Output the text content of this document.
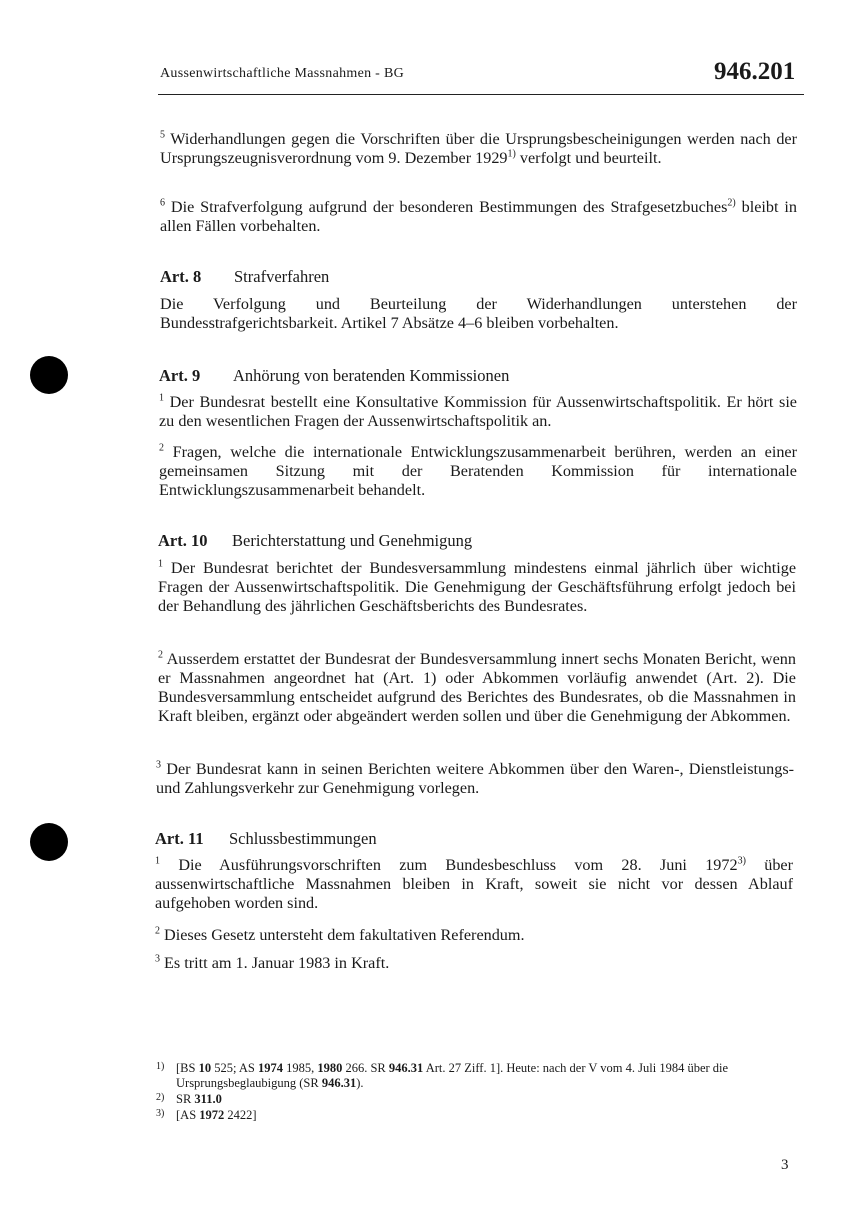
Aussenwirtschaftliche Massnahmen - BG	946.201
$^5$ Widerhandlungen gegen die Vorschriften über die Ursprungsbescheinigungen werden nach der Ursprungszeugnisverordnung vom 9. Dezember 1929$^{1)}$ verfolgt und beurteilt.
$^6$ Die Strafverfolgung aufgrund der besonderen Bestimmungen des Strafgesetzbuches$^{2)}$ bleibt in allen Fällen vorbehalten.
Art. 8 Strafverfahren
Die Verfolgung und Beurteilung der Widerhandlungen unterstehen der Bundesstrafgerichtsbarkeit. Artikel 7 Absätze 4–6 bleiben vorbehalten.
Art. 9 Anhörung von beratenden Kommissionen
$^1$ Der Bundesrat bestellt eine Konsultative Kommission für Aussenwirtschaftspolitik. Er hört sie zu den wesentlichen Fragen der Aussenwirtschaftspolitik an.
$^2$ Fragen, welche die internationale Entwicklungszusammenarbeit berühren, werden an einer gemeinsamen Sitzung mit der Beratenden Kommission für internationale Entwicklungszusammenarbeit behandelt.
Art. 10 Berichterstattung und Genehmigung
$^1$ Der Bundesrat berichtet der Bundesversammlung mindestens einmal jährlich über wichtige Fragen der Aussenwirtschaftspolitik. Die Genehmigung der Geschäftsführung erfolgt jedoch bei der Behandlung des jährlichen Geschäftsberichts des Bundesrates.
$^2$ Ausserdem erstattet der Bundesrat der Bundesversammlung innert sechs Monaten Bericht, wenn er Massnahmen angeordnet hat (Art. 1) oder Abkommen vorläufig anwendet (Art. 2). Die Bundesversammlung entscheidet aufgrund des Berichtes des Bundesrates, ob die Massnahmen in Kraft bleiben, ergänzt oder abgeändert werden sollen und über die Genehmigung der Abkommen.
$^3$ Der Bundesrat kann in seinen Berichten weitere Abkommen über den Waren-, Dienstleistungs- und Zahlungsverkehr zur Genehmigung vorlegen.
Art. 11 Schlussbestimmungen
$^1$ Die Ausführungsvorschriften zum Bundesbeschluss vom 28. Juni 1972$^{3)}$ über aussenwirtschaftliche Massnahmen bleiben in Kraft, soweit sie nicht vor dessen Ablauf aufgehoben worden sind.
$^2$ Dieses Gesetz untersteht dem fakultativen Referendum.
$^3$ Es tritt am 1. Januar 1983 in Kraft.
1) [BS 10 525; AS 1974 1985, 1980 266. SR 946.31 Art. 27 Ziff. 1]. Heute: nach der V vom 4. Juli 1984 über die Ursprungsbeglaubigung (SR 946.31).
2) SR 311.0
3) [AS 1972 2422]
3
